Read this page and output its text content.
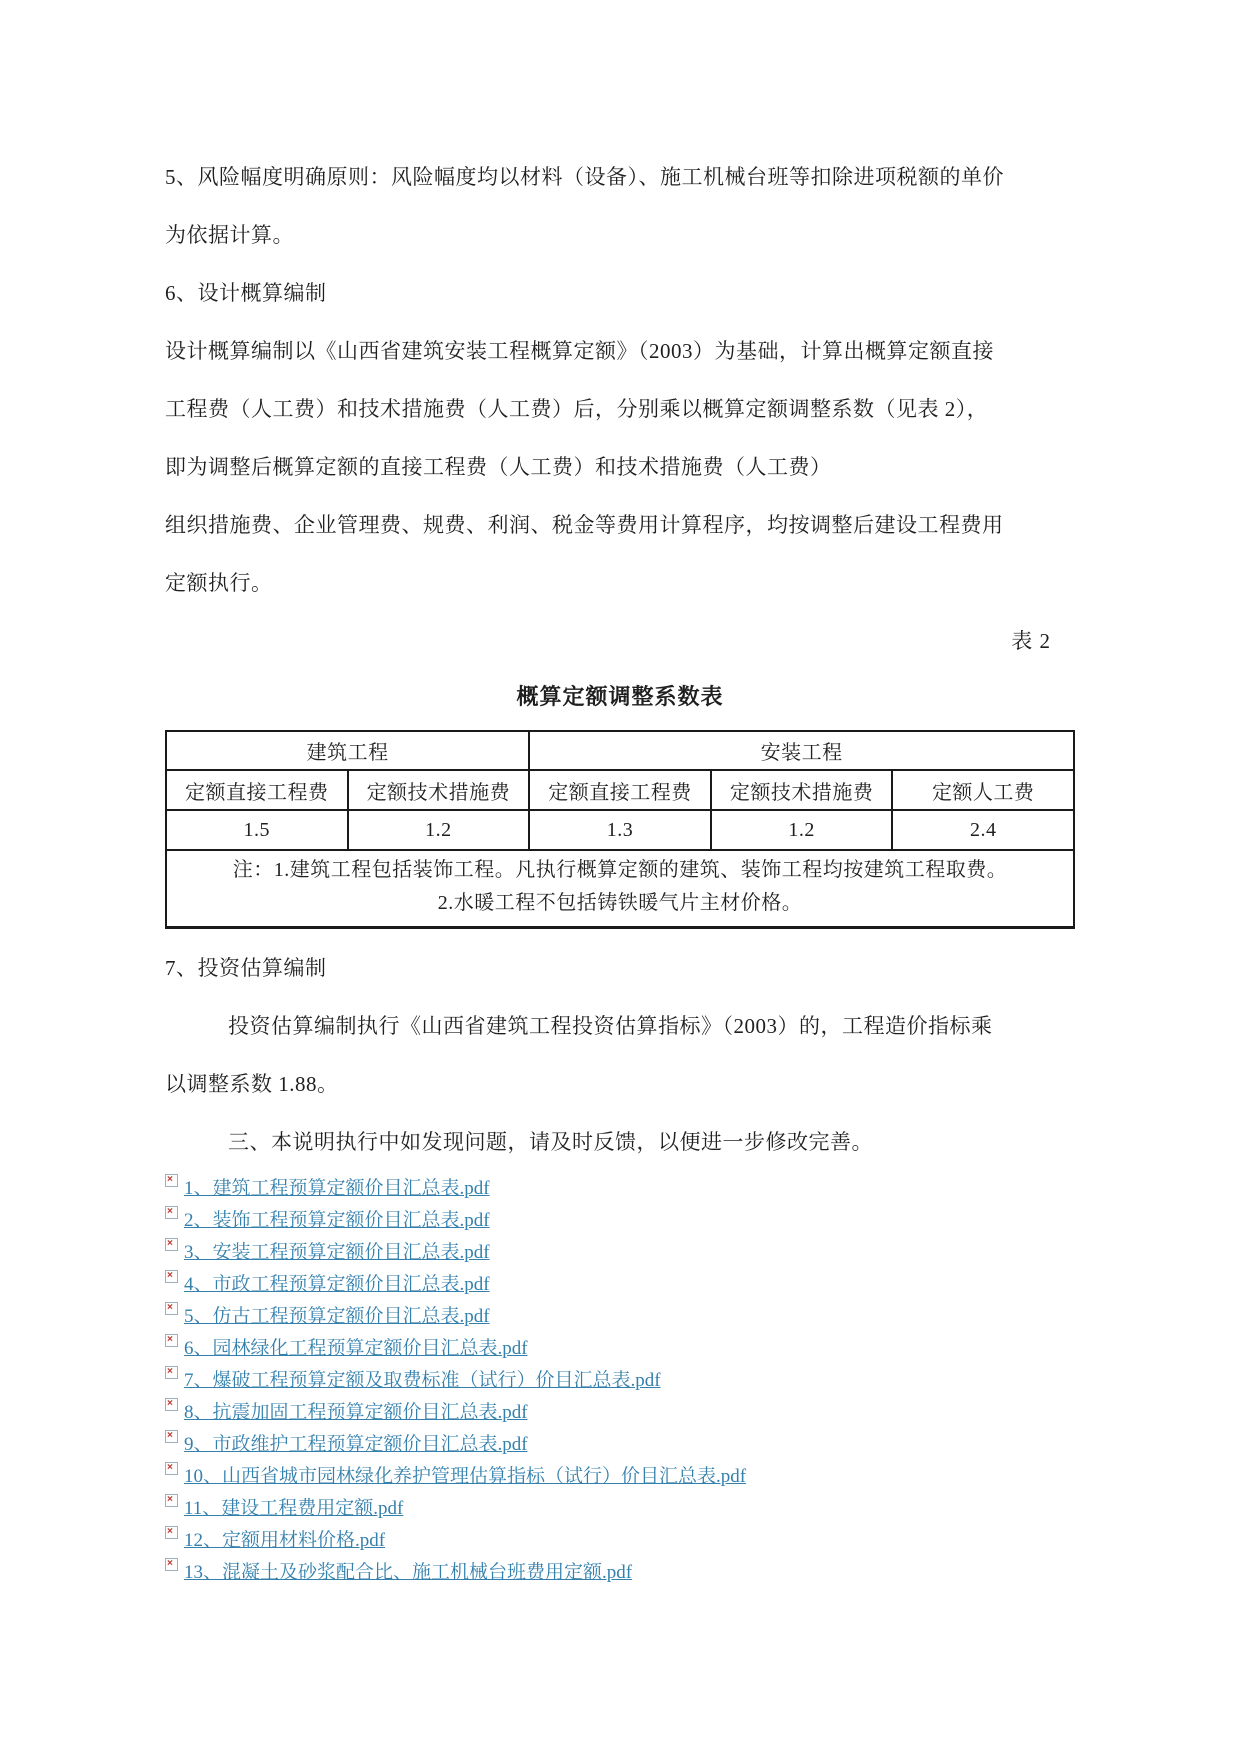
5、风险幅度明确原则：风险幅度均以材料（设备）、施工机械台班等扣除进项税额的单价
为依据计算。
6、设计概算编制
设计概算编制以《山西省建筑安装工程概算定额》（2003）为基础，计算出概算定额直接
工程费（人工费）和技术措施费（人工费）后，分别乘以概算定额调整系数（见表 2），
即为调整后概算定额的直接工程费（人工费）和技术措施费（人工费）
组织措施费、企业管理费、规费、利润、税金等费用计算程序，均按调整后建设工程费用
定额执行。
表 2
概算定额调整系数表
建筑工程		安装工程		
定额直接工程费	定额技术措施费	定额直接工程费	定额技术措施费	定额人工费
1.5	1.2	1.3	1.2	2.4

注：1.建筑工程包括装饰工程。凡执行概算定额的建筑、装饰工程均按建筑工程取费。
2.水暖工程不包括铸铁暖气片主材价格。				
7、投资估算编制
投资估算编制执行《山西省建筑工程投资估算指标》（2003）的，工程造价指标乘
以调整系数 1.88。
三、本说明执行中如发现问题，请及时反馈，以便进一步修改完善。
× 1、建筑工程预算定额价目汇总表.pdf
× 2、装饰工程预算定额价目汇总表.pdf
× 3、安装工程预算定额价目汇总表.pdf
× 4、市政工程预算定额价目汇总表.pdf
× 5、仿古工程预算定额价目汇总表.pdf
× 6、园林绿化工程预算定额价目汇总表.pdf
× 7、爆破工程预算定额及取费标准（试行）价目汇总表.pdf
× 8、抗震加固工程预算定额价目汇总表.pdf
× 9、市政维护工程预算定额价目汇总表.pdf
× 10、山西省城市园林绿化养护管理估算指标（试行）价目汇总表.pdf
× 11、建设工程费用定额.pdf
× 12、定额用材料价格.pdf
× 13、混凝土及砂浆配合比、施工机械台班费用定额.pdf
